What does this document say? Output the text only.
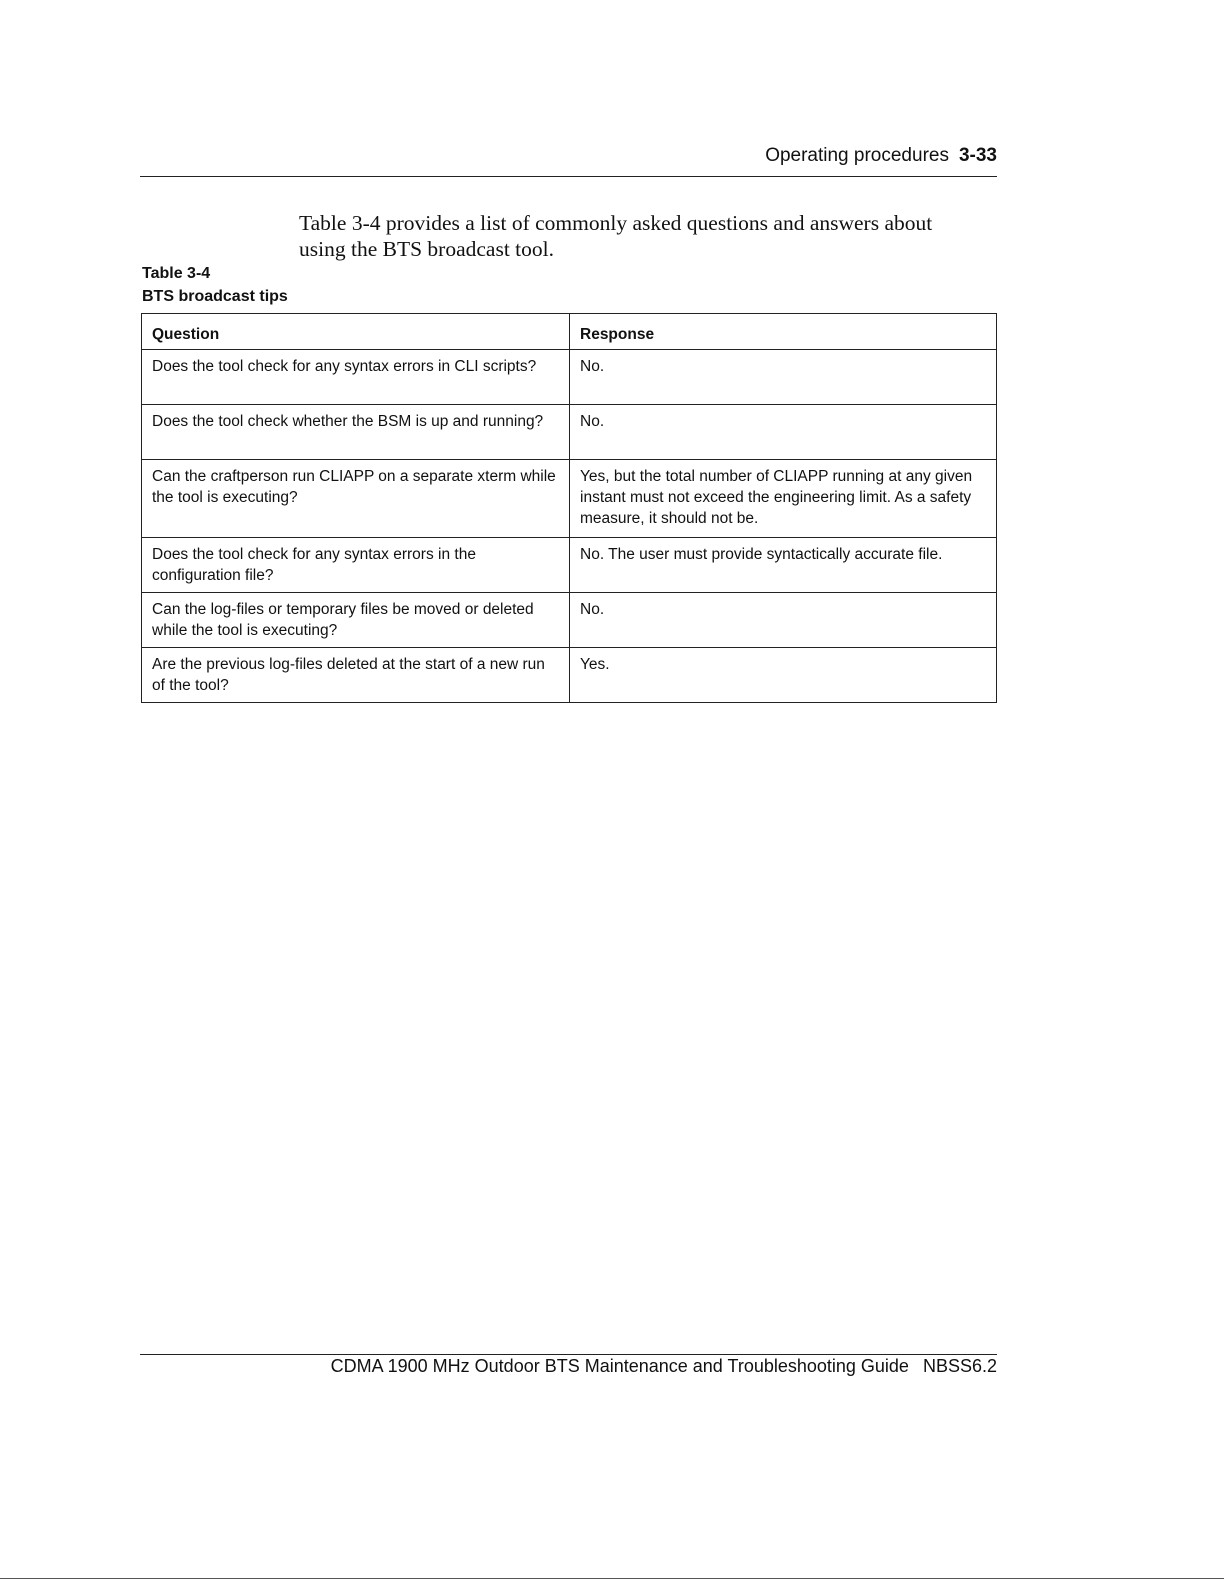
Operating procedures 3-33

Table 3-4 provides a list of commonly asked questions and answers about using the BTS broadcast tool.

Table 3-4
BTS broadcast tips
Question	Response
Does the tool check for any syntax errors in CLI scripts?	No.
Does the tool check whether the BSM is up and running?	No.
Can the craftperson run CLIAPP on a separate xterm while the tool is executing?	Yes, but the total number of CLIAPP running at any given instant must not exceed the engineering limit. As a safety measure, it should not be.
Does the tool check for any syntax errors in the configuration file?	No. The user must provide syntactically accurate file.
Can the log-files or temporary files be moved or deleted while the tool is executing?	No.
Are the previous log-files deleted at the start of a new run of the tool?	Yes.
CDMA 1900 MHz Outdoor BTS Maintenance and Troubleshooting Guide NBSS6.2
